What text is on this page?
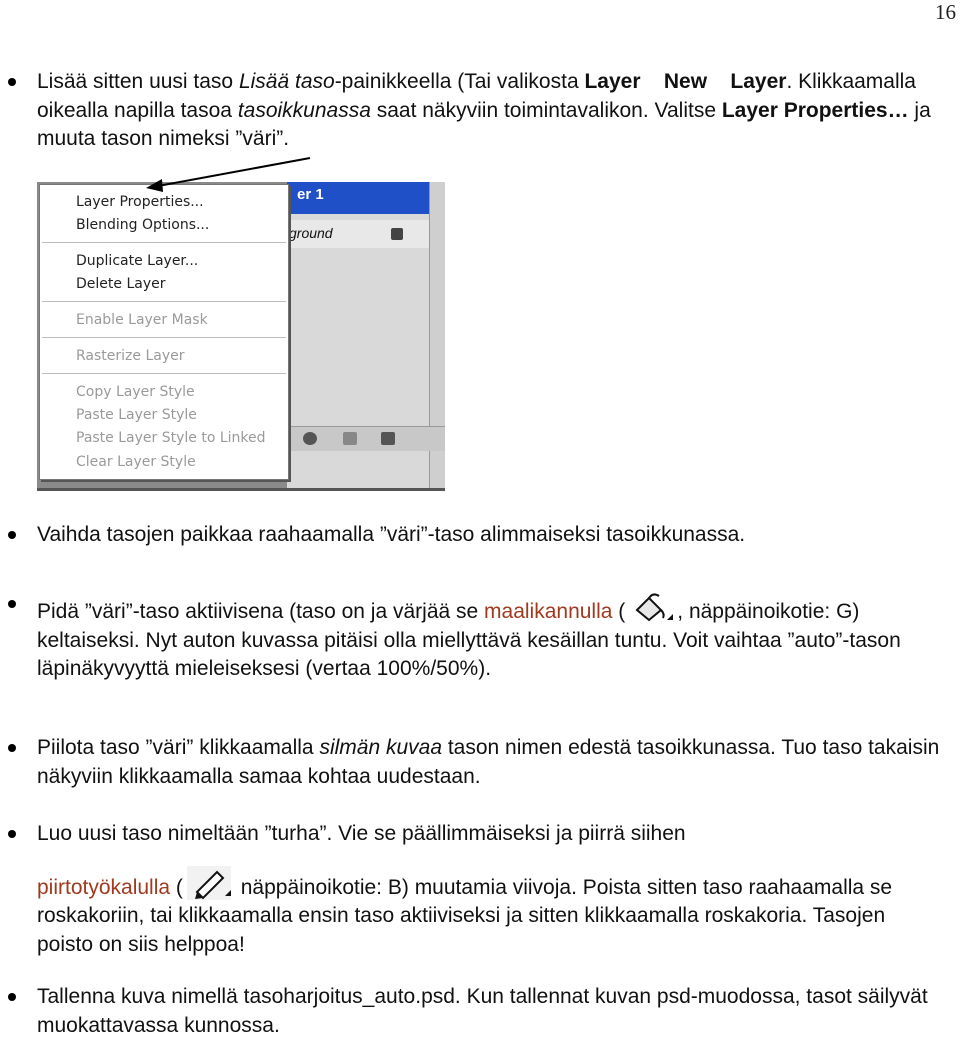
16
Lisää sitten uusi taso Lisää taso-painikkeella (Tai valikosta Layer New Layer. Klikkaamalla oikealla napilla tasoa tasoikkunassa saat näkyviin toimintavalikon. Valitse Layer Properties… ja muuta tason nimeksi ”väri”.
er 1
ground
Layer Properties...
Blending Options...
Duplicate Layer...
Delete Layer
Enable Layer Mask
Rasterize Layer
Copy Layer Style
Paste Layer Style
Paste Layer Style to Linked
Clear Layer Style
Vaihda tasojen paikkaa raahaamalla ”väri”-taso alimmaiseksi tasoikkunassa.
Pidä ”väri”-taso aktiivisena (taso on ja värjää se maalikannulla ( , näppäinoikotie: G) keltaiseksi. Nyt auton kuvassa pitäisi olla miellyttävä kesäillan tuntu. Voit vaihtaa ”auto”-tason läpinäkyvyyttä mieleiseksesi (vertaa 100%/50%).
Piilota taso ”väri” klikkaamalla silmän kuvaa tason nimen edestä tasoikkunassa. Tuo taso takaisin näkyviin klikkaamalla samaa kohtaa uudestaan.
Luo uusi taso nimeltään ”turha”. Vie se päällimmäiseksi ja piirrä siihen
piirtotyökalulla ( näppäinoikotie: B) muutamia viivoja. Poista sitten taso raahaamalla se roskakoriin, tai klikkaamalla ensin taso aktiiviseksi ja sitten klikkaamalla roskakoria. Tasojen poisto on siis helppoa!
Tallenna kuva nimellä tasoharjoitus_auto.psd. Kun tallennat kuvan psd-muodossa, tasot säilyvät muokattavassa kunnossa.
